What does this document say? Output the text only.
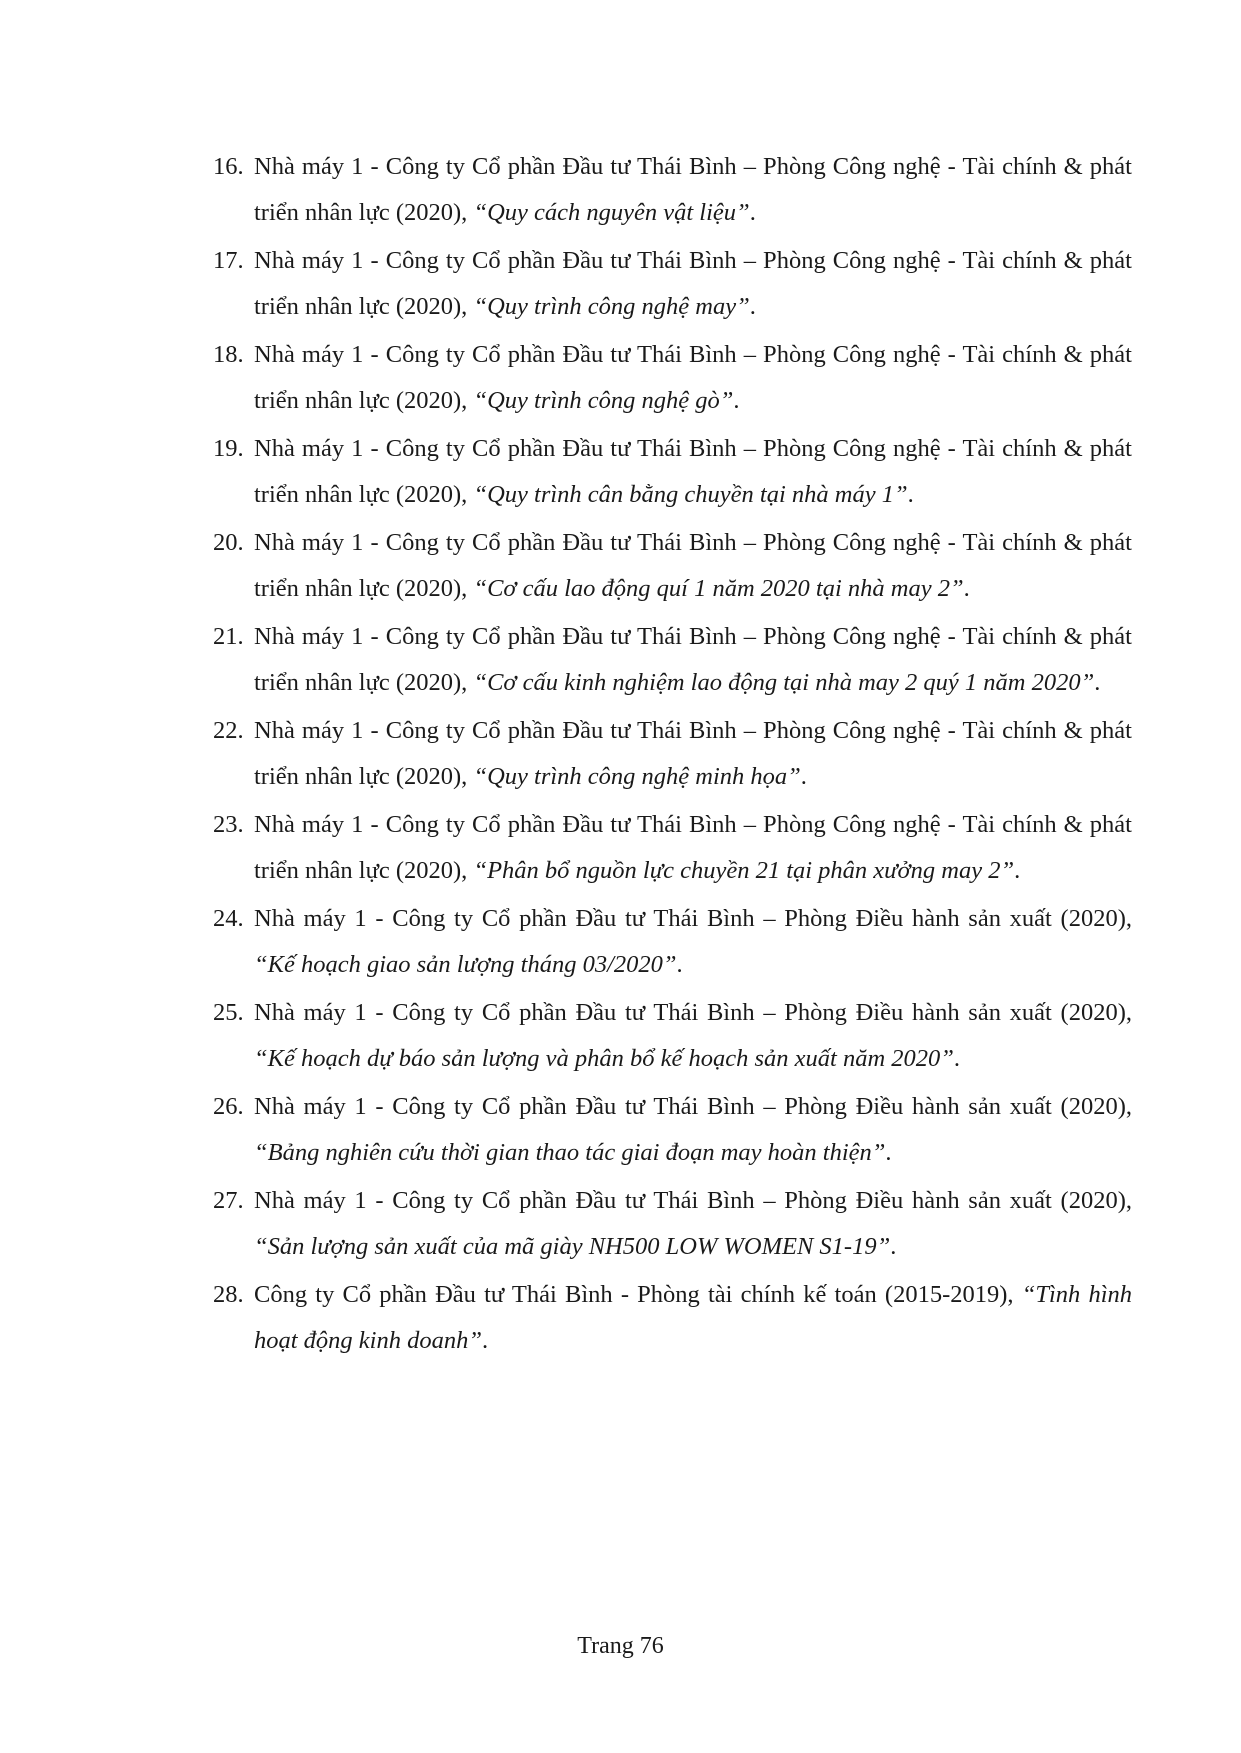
16. Nhà máy 1 - Công ty Cổ phần Đầu tư Thái Bình – Phòng Công nghệ - Tài chính & phát triển nhân lực (2020), “Quy cách nguyên vật liệu”.
17. Nhà máy 1 - Công ty Cổ phần Đầu tư Thái Bình – Phòng Công nghệ - Tài chính & phát triển nhân lực (2020), “Quy trình công nghệ may”.
18. Nhà máy 1 - Công ty Cổ phần Đầu tư Thái Bình – Phòng Công nghệ - Tài chính & phát triển nhân lực (2020), “Quy trình công nghệ gò”.
19. Nhà máy 1 - Công ty Cổ phần Đầu tư Thái Bình – Phòng Công nghệ - Tài chính & phát triển nhân lực (2020), “Quy trình cân bằng chuyền tại nhà máy 1”.
20. Nhà máy 1 - Công ty Cổ phần Đầu tư Thái Bình – Phòng Công nghệ - Tài chính & phát triển nhân lực (2020), “Cơ cấu lao động quí 1 năm 2020 tại nhà may 2”.
21. Nhà máy 1 - Công ty Cổ phần Đầu tư Thái Bình – Phòng Công nghệ - Tài chính & phát triển nhân lực (2020), “Cơ cấu kinh nghiệm lao động tại nhà may 2 quý 1 năm 2020”.
22. Nhà máy 1 - Công ty Cổ phần Đầu tư Thái Bình – Phòng Công nghệ - Tài chính & phát triển nhân lực (2020), “Quy trình công nghệ minh họa”.
23. Nhà máy 1 - Công ty Cổ phần Đầu tư Thái Bình – Phòng Công nghệ - Tài chính & phát triển nhân lực (2020), “Phân bổ nguồn lực chuyền 21 tại phân xưởng may 2”.
24. Nhà máy 1 - Công ty Cổ phần Đầu tư Thái Bình – Phòng Điều hành sản xuất (2020), “Kế hoạch giao sản lượng tháng 03/2020”.
25. Nhà máy 1 - Công ty Cổ phần Đầu tư Thái Bình – Phòng Điều hành sản xuất (2020), “Kế hoạch dự báo sản lượng và phân bổ kế hoạch sản xuất năm 2020”.
26. Nhà máy 1 - Công ty Cổ phần Đầu tư Thái Bình – Phòng Điều hành sản xuất (2020), “Bảng nghiên cứu thời gian thao tác giai đoạn may hoàn thiện”.
27. Nhà máy 1 - Công ty Cổ phần Đầu tư Thái Bình – Phòng Điều hành sản xuất (2020), “Sản lượng sản xuất của mã giày NH500 LOW WOMEN S1-19”.
28. Công ty Cổ phần Đầu tư Thái Bình - Phòng tài chính kế toán (2015-2019), “Tình hình hoạt động kinh doanh”.
Trang 76
